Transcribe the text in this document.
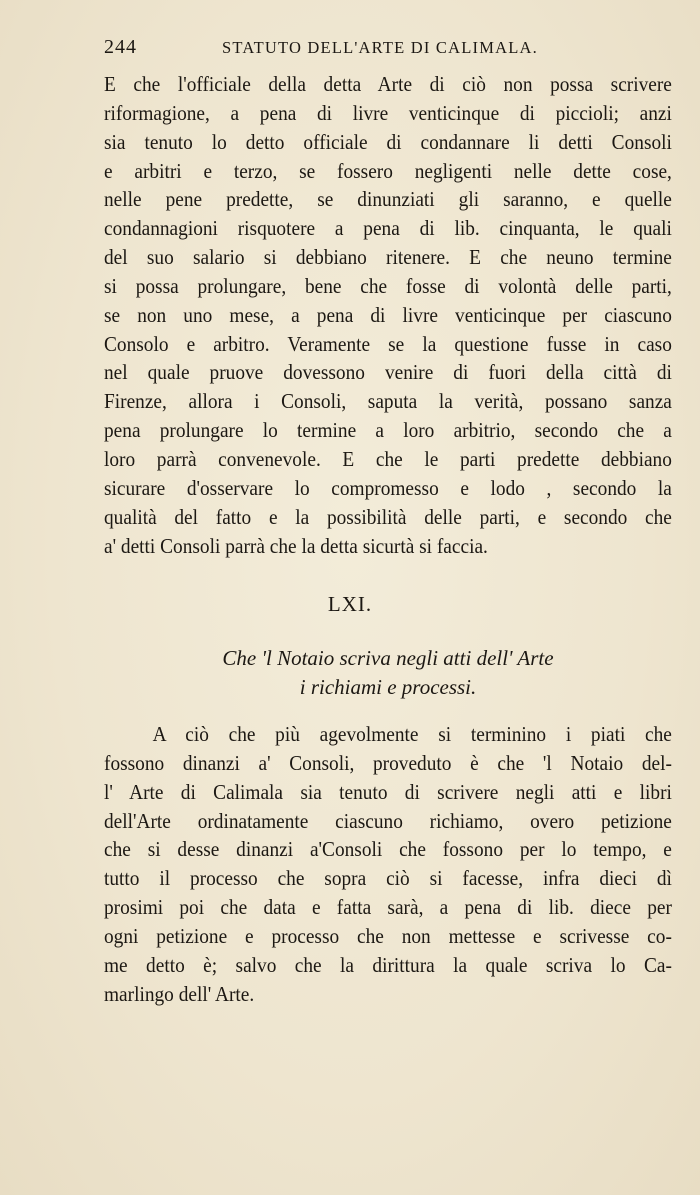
244	STATUTO DELL'ARTE DI CALIMALA.
E che l'officiale della detta Arte di ciò non possa scrivere
riformagione, a pena di livre venticinque di piccioli; anzi
sia tenuto lo detto officiale di condannare li detti Consoli
e arbitri e terzo, se fossero negligenti nelle dette cose,
nelle pene predette, se dinunziati gli saranno, e quelle
condannagioni risquotere a pena di lib. cinquanta, le quali
del suo salario si debbiano ritenere. E che neuno termine
si possa prolungare, bene che fosse di volontà delle parti,
se non uno mese, a pena di livre venticinque per ciascuno
Consolo e arbitro. Veramente se la questione fusse in caso
nel quale pruove dovessono venire di fuori della città di
Firenze, allora i Consoli, saputa la verità, possano sanza
pena prolungare lo termine a loro arbitrio, secondo che a
loro parrà convenevole. E che le parti predette debbiano
sicurare d'osservare lo compromesso e lodo , secondo la
qualità del fatto e la possibilità delle parti, e secondo che
a' detti Consoli parrà che la detta sicurtà si faccia.
LXI.
Che 'l Notaio scriva negli atti dell' Arte
i richiami e processi.
A ciò che più agevolmente si terminino i piati che
fossono dinanzi a' Consoli, proveduto è che 'l Notaio del-
l' Arte di Calimala sia tenuto di scrivere negli atti e libri
dell'Arte ordinatamente ciascuno richiamo, overo petizione
che si desse dinanzi a'Consoli che fossono per lo tempo, e
tutto il processo che sopra ciò si facesse, infra dieci dì
prosimi poi che data e fatta sarà, a pena di lib. diece per
ogni petizione e processo che non mettesse e scrivesse co-
me detto è; salvo che la dirittura la quale scriva lo Ca-
marlingo dell' Arte.
